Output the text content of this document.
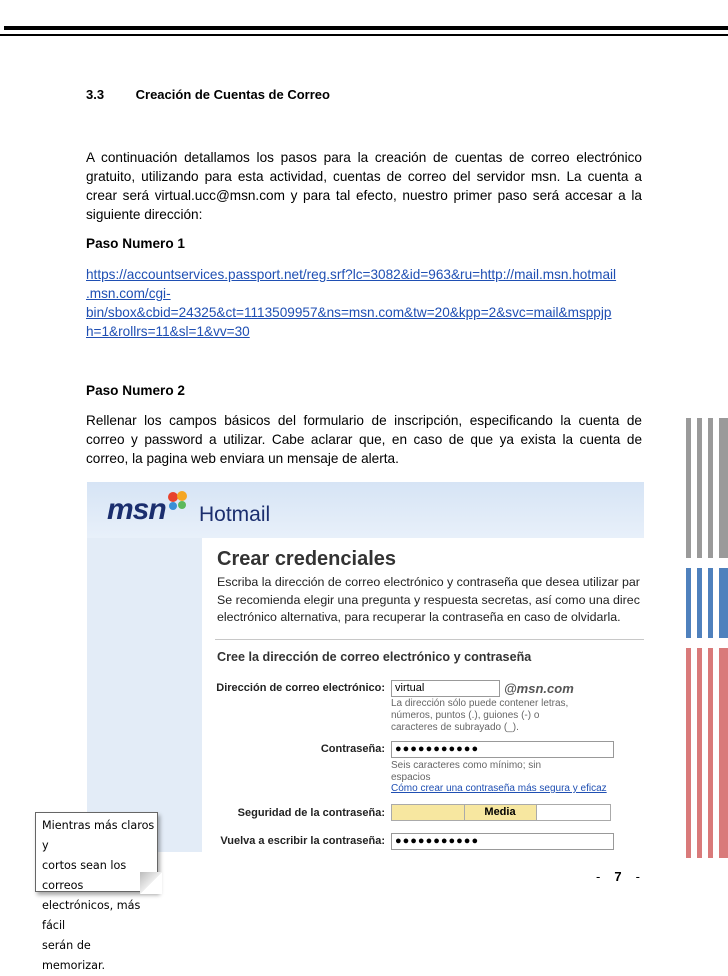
3.3 Creación de Cuentas de Correo
A continuación detallamos los pasos para la creación de cuentas de correo electrónico gratuito, utilizando para esta actividad, cuentas de correo del servidor msn. La cuenta a crear será virtual.ucc@msn.com y para tal efecto, nuestro primer paso será accesar a la siguiente dirección:
Paso Numero 1
https://accountservices.passport.net/reg.srf?lc=3082&id=963&ru=http://mail.msn.hotmail
.msn.com/cgi-
bin/sbox&cbid=24325&ct=1113509957&ns=msn.com&tw=20&kpp=2&svc=mail&msppjp
h=1&rollrs=11&sl=1&vv=30
Paso Numero 2
Rellenar los campos básicos del formulario de inscripción, especificando la cuenta de correo y password a utilizar. Cabe aclarar que, en caso de que ya exista la cuenta de correo, la pagina web enviara un mensaje de alerta.
msn Hotmail
Crear credenciales
Escriba la dirección de correo electrónico y contraseña que desea utilizar par
Se recomienda elegir una pregunta y respuesta secretas, así como una direc
electrónico alternativa, para recuperar la contraseña en caso de olvidarla.
Cree la dirección de correo electrónico y contraseña
Dirección de correo electrónico: virtual	@msn.com
La dirección sólo puede contener letras,
números, puntos (.), guiones (-) o
caracteres de subrayado (_).
Contraseña: ●●●●●●●●●●●
Seis caracteres como mínimo; sin
espacios
Cómo crear una contraseña más segura y eficaz
Seguridad de la contraseña:	Media
Vuelva a escribir la contraseña: ●●●●●●●●●●●
Mientras más claros y
cortos sean los correos
electrónicos, más fácil
serán de memorizar.
- 7 -
